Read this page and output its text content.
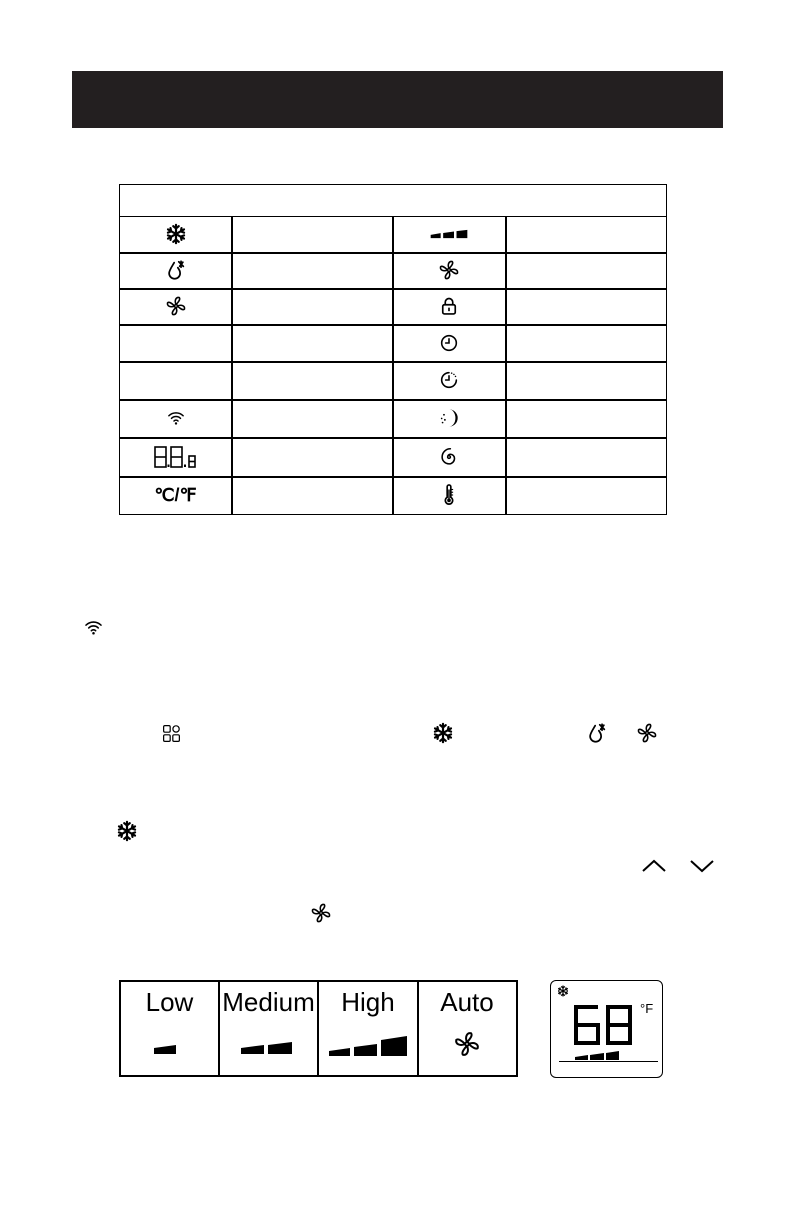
℃/℉
Low	Medium	High	Auto	°F
